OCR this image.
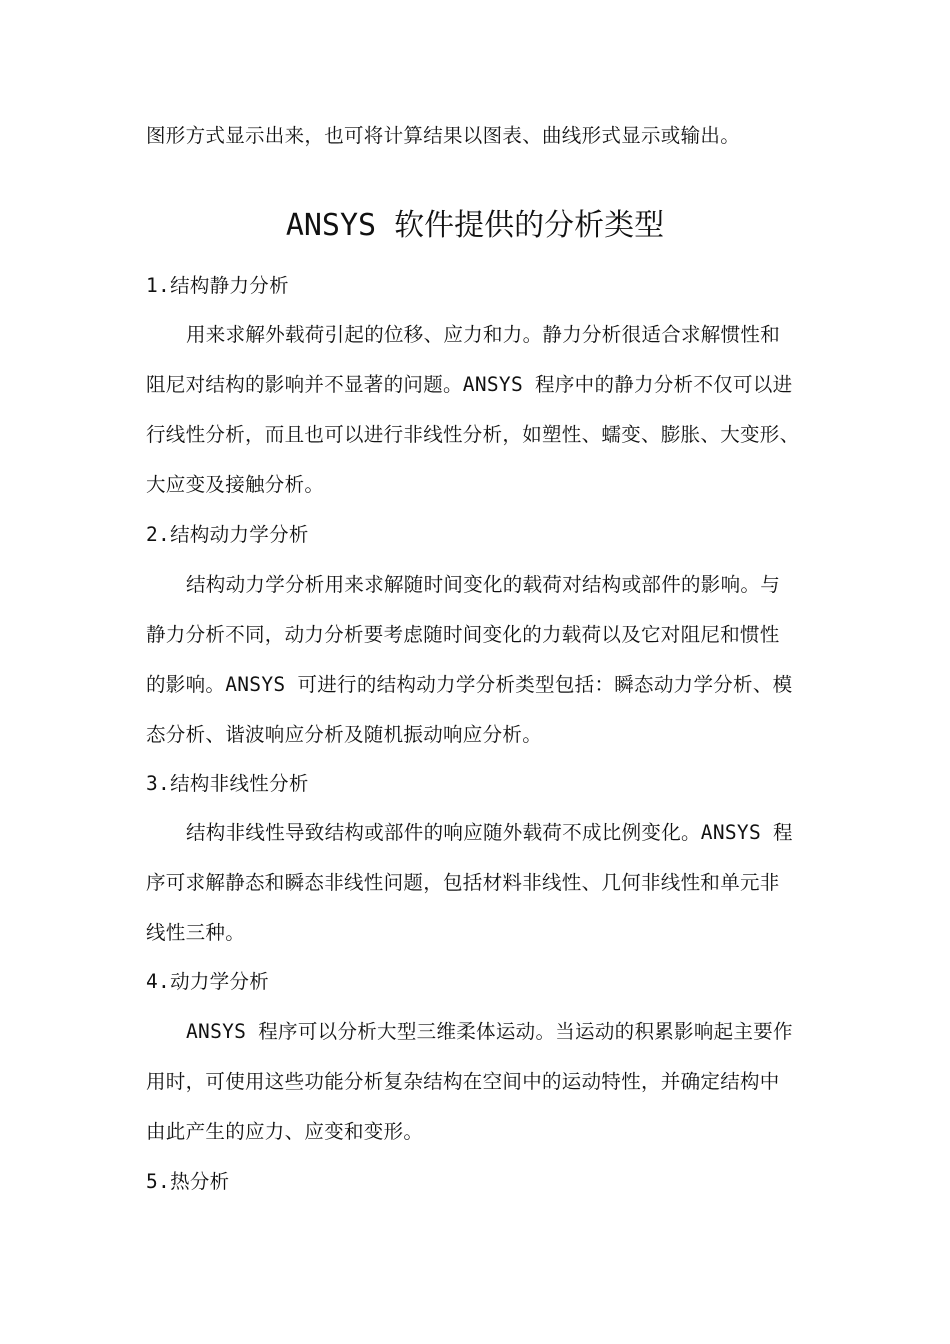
图形方式显示出来，也可将计算结果以图表、曲线形式显示或输出。
ANSYS 软件提供的分析类型
1.结构静力分析
用来求解外载荷引起的位移、应力和力。静力分析很适合求解惯性和
阻尼对结构的影响并不显著的问题。ANSYS 程序中的静力分析不仅可以进
行线性分析，而且也可以进行非线性分析，如塑性、蠕变、膨胀、大变形、
大应变及接触分析。
2.结构动力学分析
结构动力学分析用来求解随时间变化的载荷对结构或部件的影响。与
静力分析不同，动力分析要考虑随时间变化的力载荷以及它对阻尼和惯性
的影响。ANSYS 可进行的结构动力学分析类型包括：瞬态动力学分析、模
态分析、谐波响应分析及随机振动响应分析。
3.结构非线性分析
结构非线性导致结构或部件的响应随外载荷不成比例变化。ANSYS 程
序可求解静态和瞬态非线性问题，包括材料非线性、几何非线性和单元非
线性三种。
4.动力学分析
ANSYS 程序可以分析大型三维柔体运动。当运动的积累影响起主要作
用时，可使用这些功能分析复杂结构在空间中的运动特性，并确定结构中
由此产生的应力、应变和变形。
5.热分析
